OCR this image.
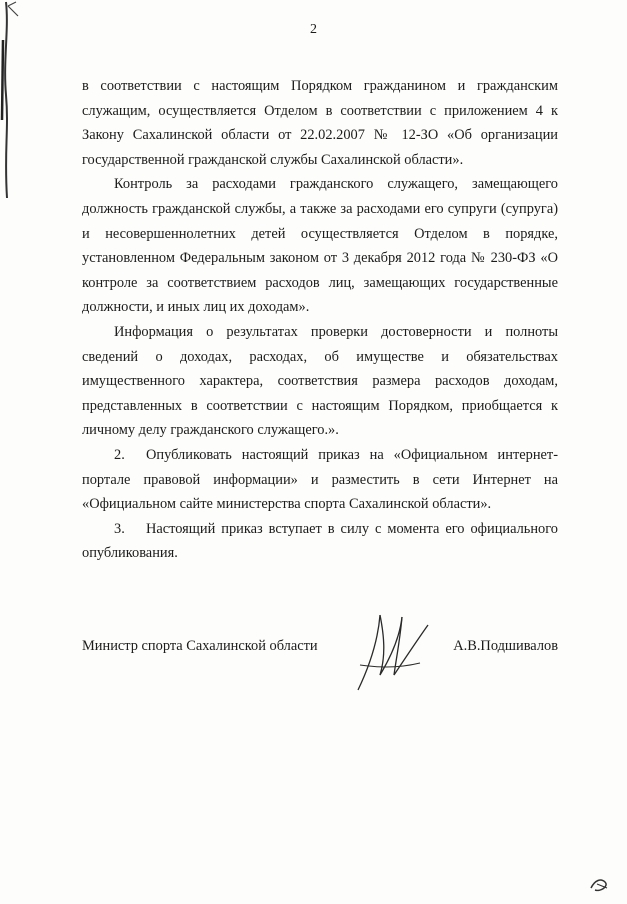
2

в соответствии с настоящим Порядком гражданином и гражданским служащим, осуществляется Отделом в соответствии с приложением 4 к Закону Сахалинской области от 22.02.2007 № 12-ЗО «Об организации государственной гражданской службы Сахалинской области».

Контроль за расходами гражданского служащего, замещающего должность гражданской службы, а также за расходами его супруги (супруга) и несовершеннолетних детей осуществляется Отделом в порядке, установленном Федеральным законом от 3 декабря 2012 года № 230-ФЗ «О контроле за соответствием расходов лиц, замещающих государственные должности, и иных лиц их доходам».

Информация о результатах проверки достоверности и полноты сведений о доходах, расходах, об имуществе и обязательствах имущественного характера, соответствия размера расходов доходам, представленных в соответствии с настоящим Порядком, приобщается к личному делу гражданского служащего.».

2.	Опубликовать настоящий приказ на «Официальном интернет-

портале правовой информации» и разместить в сети Интернет на «Официальном сайте министерства спорта Сахалинской области».

3.	Настоящий приказ вступает в силу с момента его официального

опубликования.

Министр спорта Сахалинской области	А.В.Подшивалов
